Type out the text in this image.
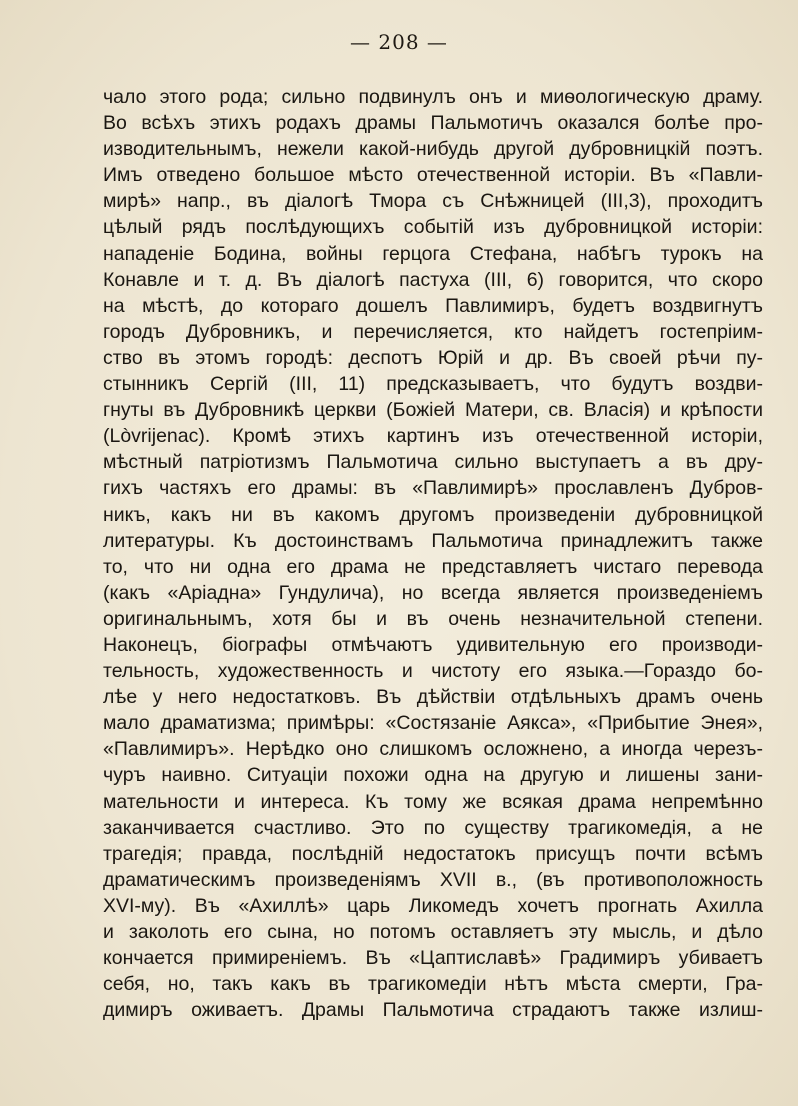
— 208 —
чало этого рода; сильно подвинулъ онъ и миѳологическую драму.
Во всѣхъ этихъ родахъ драмы Пальмотичъ оказался болѣе про-
изводительнымъ, нежели какой-нибудь другой дубровницкій поэтъ.
Имъ отведено большое мѣсто отечественной исторіи. Въ «Павли-
мирѣ» напр., въ діалогѣ Тмора съ Снѣжницей (III,3), проходитъ
цѣлый рядъ послѣдующихъ событій изъ дубровницкой исторіи:
нападеніе Бодина, войны герцога Стефана, набѣгъ турокъ на
Конавле и т. д. Въ діалогѣ пастуха (III, 6) говорится, что скоро
на мѣстѣ, до котораго дошелъ Павлимиръ, будетъ воздвигнутъ
городъ Дубровникъ, и перечисляется, кто найдетъ гостепріим-
ство въ этомъ городѣ: деспотъ Юрій и др. Въ своей рѣчи пу-
стынникъ Сергій (III, 11) предсказываетъ, что будутъ воздви-
гнуты въ Дубровникѣ церкви (Божіей Матери, св. Власія) и крѣпости
(Lòvrijenac). Кромѣ этихъ картинъ изъ отечественной исторіи,
мѣстный патріотизмъ Пальмотича сильно выступаетъ а въ дру-
гихъ частяхъ его драмы: въ «Павлимирѣ» прославленъ Дубров-
никъ, какъ ни въ какомъ другомъ произведеніи дубровницкой
литературы. Къ достоинствамъ Пальмотича принадлежитъ также
то, что ни одна его драма не представляетъ чистаго перевода
(какъ «Аріадна» Гундулича), но всегда является произведеніемъ
оригинальнымъ, хотя бы и въ очень незначительной степени.
Наконецъ, біографы отмѣчаютъ удивительную его производи-
тельность, художественность и чистоту его языка.—Гораздо бо-
лѣе у него недостатковъ. Въ дѣйствіи отдѣльныхъ драмъ очень
мало драматизма; примѣры: «Состязаніе Аякса», «Прибытие Энея»,
«Павлимиръ». Нерѣдко оно слишкомъ осложнено, а иногда черезъ-
чуръ наивно. Ситуаціи похожи одна на другую и лишены зани-
мательности и интереса. Къ тому же всякая драма непремѣнно
заканчивается счастливо. Это по существу трагикомедія, а не
трагедія; правда, послѣдній недостатокъ присущъ почти всѣмъ
драматическимъ произведеніямъ XVII в., (въ противоположность
XVI-му). Въ «Ахиллѣ» царь Ликомедъ хочетъ прогнать Ахилла
и заколоть его сына, но потомъ оставляетъ эту мысль, и дѣло
кончается примиреніемъ. Въ «Цаптиславѣ» Градимиръ убиваетъ
себя, но, такъ какъ въ трагикомедіи нѣтъ мѣста смерти, Гра-
димиръ оживаетъ. Драмы Пальмотича страдаютъ также излиш-
